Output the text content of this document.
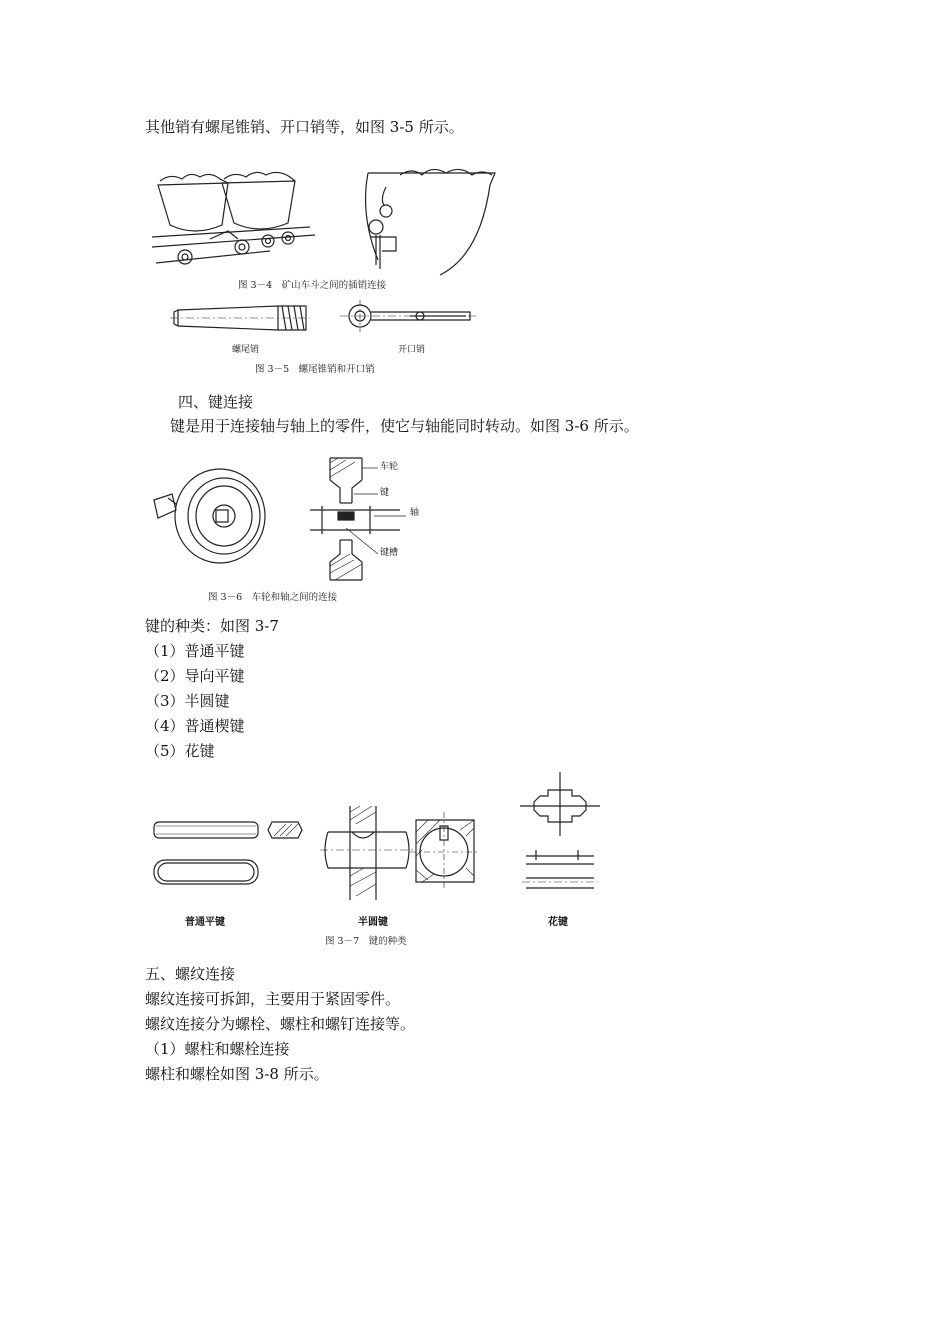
其他销有螺尾锥销、开口销等，如图 3-5 所示。
图 3－4　矿山车斗之间的插销连接
螺尾销	开口销
图 3－5　螺尾锥销和开口销
四、键连接
键是用于连接轴与轴上的零件，使它与轴能同时转动。如图 3-6 所示。
车轮
键
轴
键槽
图 3－6　车轮和轴之间的连接
键的种类：如图 3-7
（1）普通平键
（2）导向平键
（3）半圆键
（4）普通楔键
（5）花键
普通平键	半圆键	花键
图 3－7　键的种类
五、螺纹连接
螺纹连接可拆卸，主要用于紧固零件。
螺纹连接分为螺栓、螺柱和螺钉连接等。
（1）螺柱和螺栓连接
螺柱和螺栓如图 3-8 所示。
